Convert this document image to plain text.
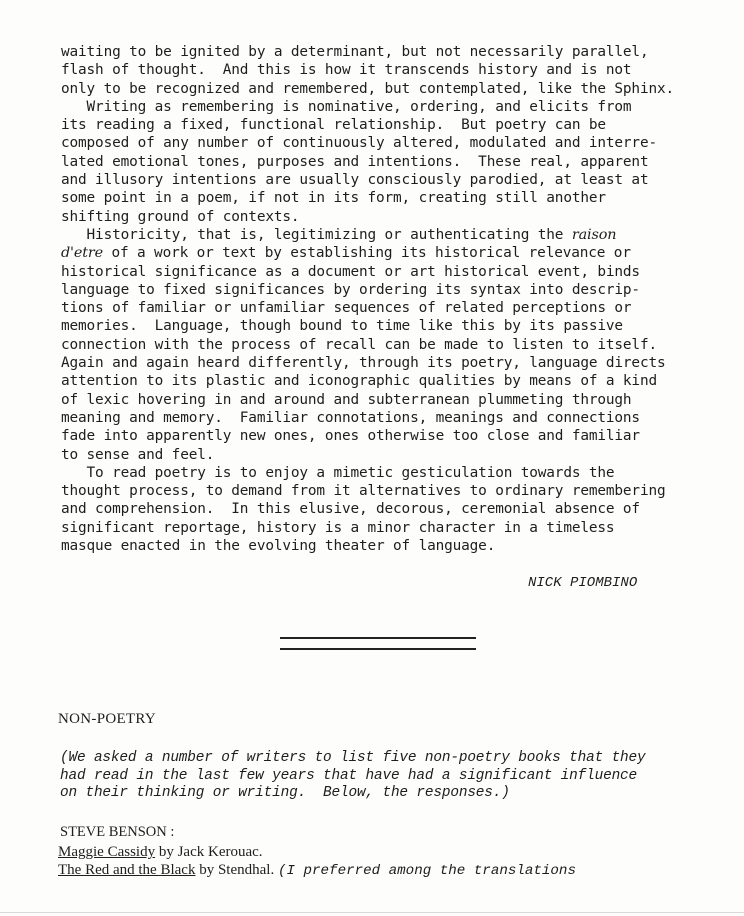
waiting to be ignited by a determinant, but not necessarily parallel,
flash of thought.  And this is how it transcends history and is not
only to be recognized and remembered, but contemplated, like the Sphinx.
Writing as remembering is nominative, ordering, and elicits from
its reading a fixed, functional relationship.  But poetry can be
composed of any number of continuously altered, modulated and interre-
lated emotional tones, purposes and intentions.  These real, apparent
and illusory intentions are usually consciously parodied, at least at
some point in a poem, if not in its form, creating still another
shifting ground of contexts.
Historicity, that is, legitimizing or authenticating the raison
d'etre of a work or text by establishing its historical relevance or
historical significance as a document or art historical event, binds
language to fixed significances by ordering its syntax into descrip-
tions of familiar or unfamiliar sequences of related perceptions or
memories.  Language, though bound to time like this by its passive
connection with the process of recall can be made to listen to itself.
Again and again heard differently, through its poetry, language directs
attention to its plastic and iconographic qualities by means of a kind
of lexic hovering in and around and subterranean plummeting through
meaning and memory.  Familiar connotations, meanings and connections
fade into apparently new ones, ones otherwise too close and familiar
to sense and feel.
To read poetry is to enjoy a mimetic gesticulation towards the
thought process, to demand from it alternatives to ordinary remembering
and comprehension.  In this elusive, decorous, ceremonial absence of
significant reportage, history is a minor character in a timeless
masque enacted in the evolving theater of language.
NICK PIOMBINO
NON-POETRY
(We asked a number of writers to list five non-poetry books that they
had read in the last few years that have had a significant influence
on their thinking or writing.  Below, the responses.)
STEVE BENSON :
Maggie Cassidy by Jack Kerouac.
The Red and the Black by Stendhal. (I preferred among the translations
